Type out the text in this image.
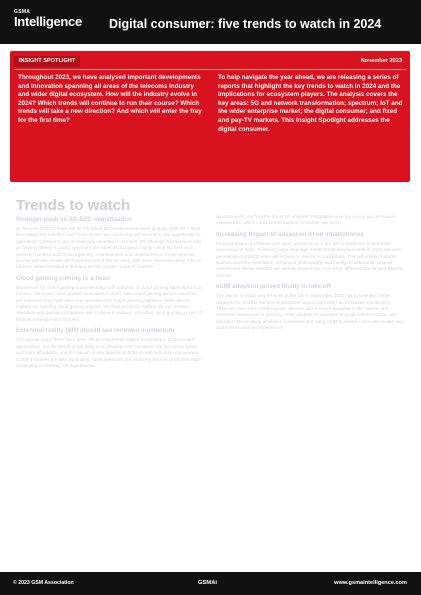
GSMA
Intelligence Digital consumer: five trends to watch in 2024
INSIGHT SPOTLIGHT	November 2023
Throughout 2023, we have analysed important developments and innovation spanning all areas of the telecoms industry and wider digital ecosystem. How will the industry evolve in 2024? Which trends will continue to run their course? Which trends will take a new direction? And which will enter the fray for the first time?
To help navigate the year ahead, we are releasing a series of reports that highlight the key trends to watch in 2024 and the implications for ecosystem players. The analysis covers the key areas: 5G and network transformation; spectrum; IoT and the wider enterprise market; the digital consumer; and fixed and pay-TV markets. This Insight Spotlight addresses the digital consumer.
Trends to watch
Stronger push on 5G B2C monetisation

By the end of 2023, there will be 1.6 billion 5G mobile connections globally. With 5G a third time round, the industry must focus on 5G use cases and will become a real opportunity for operators. Consumers are increasingly attracted to mid-term 5G offerings and services that go beyond speed. In 2024, operators are expected to launch higher-value 5G tiers and premium bundles built around gaming, entertainment and cloud services. Fixed wireless access will also remain an important part of the 5G story, with more operators using FWA to address home broadband demand across a wider range of markets.

Cloud gaming coming to a head

Momentum for cloud gaming is accelerating, with adoption of cloud gaming subscriptions on the rise. We expect even greater innovation in 2024. New cloud gaming service launches are expected from both telecoms operators and major gaming platforms, while device makers are building cloud gaming support into their products. Further, tie-ups between operators and gaming companies will continue to expand, providing cloud gaming as part of broader entertainment bundles.

Extended reality (XR) should see renewed momentum

Throughout 2023, there have been XR developments related to hardware, software and applications, but the sector is still early in its development. Headsets are becoming lighter and more affordable, and the launch of new devices in 2024 should help drive momentum. Content libraries are also expanding, while operators are exploring the role of 5G and edge computing in enabling XR experiences.

developments, such as the latest 5G-enabled holographic meeting rooms and XR-based experiences, which could further support consumer use of XR.

Increasing impact of advanced AI on smartphones

From hardware to software and apps, advances in AI are set to shape the smartphone experience in 2024. Following large language model (LLM) developments in 2023, the next generation of smartphones will include on-device AI capabilities. This will enable features such as real-time translation, enhanced photography and intelligent assistants. Chipset makers and device vendors are already positioning AI as a key differentiator for new flagship devices.

eSIM adoption poised finally to take off

The launch of eSIM-only iPhones in the US in September 2022 has accelerated eSIM deployment, and the number of operators supporting eSIM has increased significantly. There are now more eSIM-capable devices and services available in the market, and consumer awareness is growing. eSIM adoption is expected to scale further in 2024, with operators streamlining activation processes and using eSIM to reduce costs and enable new digital-first customer experiences.

© 2023 GSM Association	GSMAi	www.gsmaintelligence.com
